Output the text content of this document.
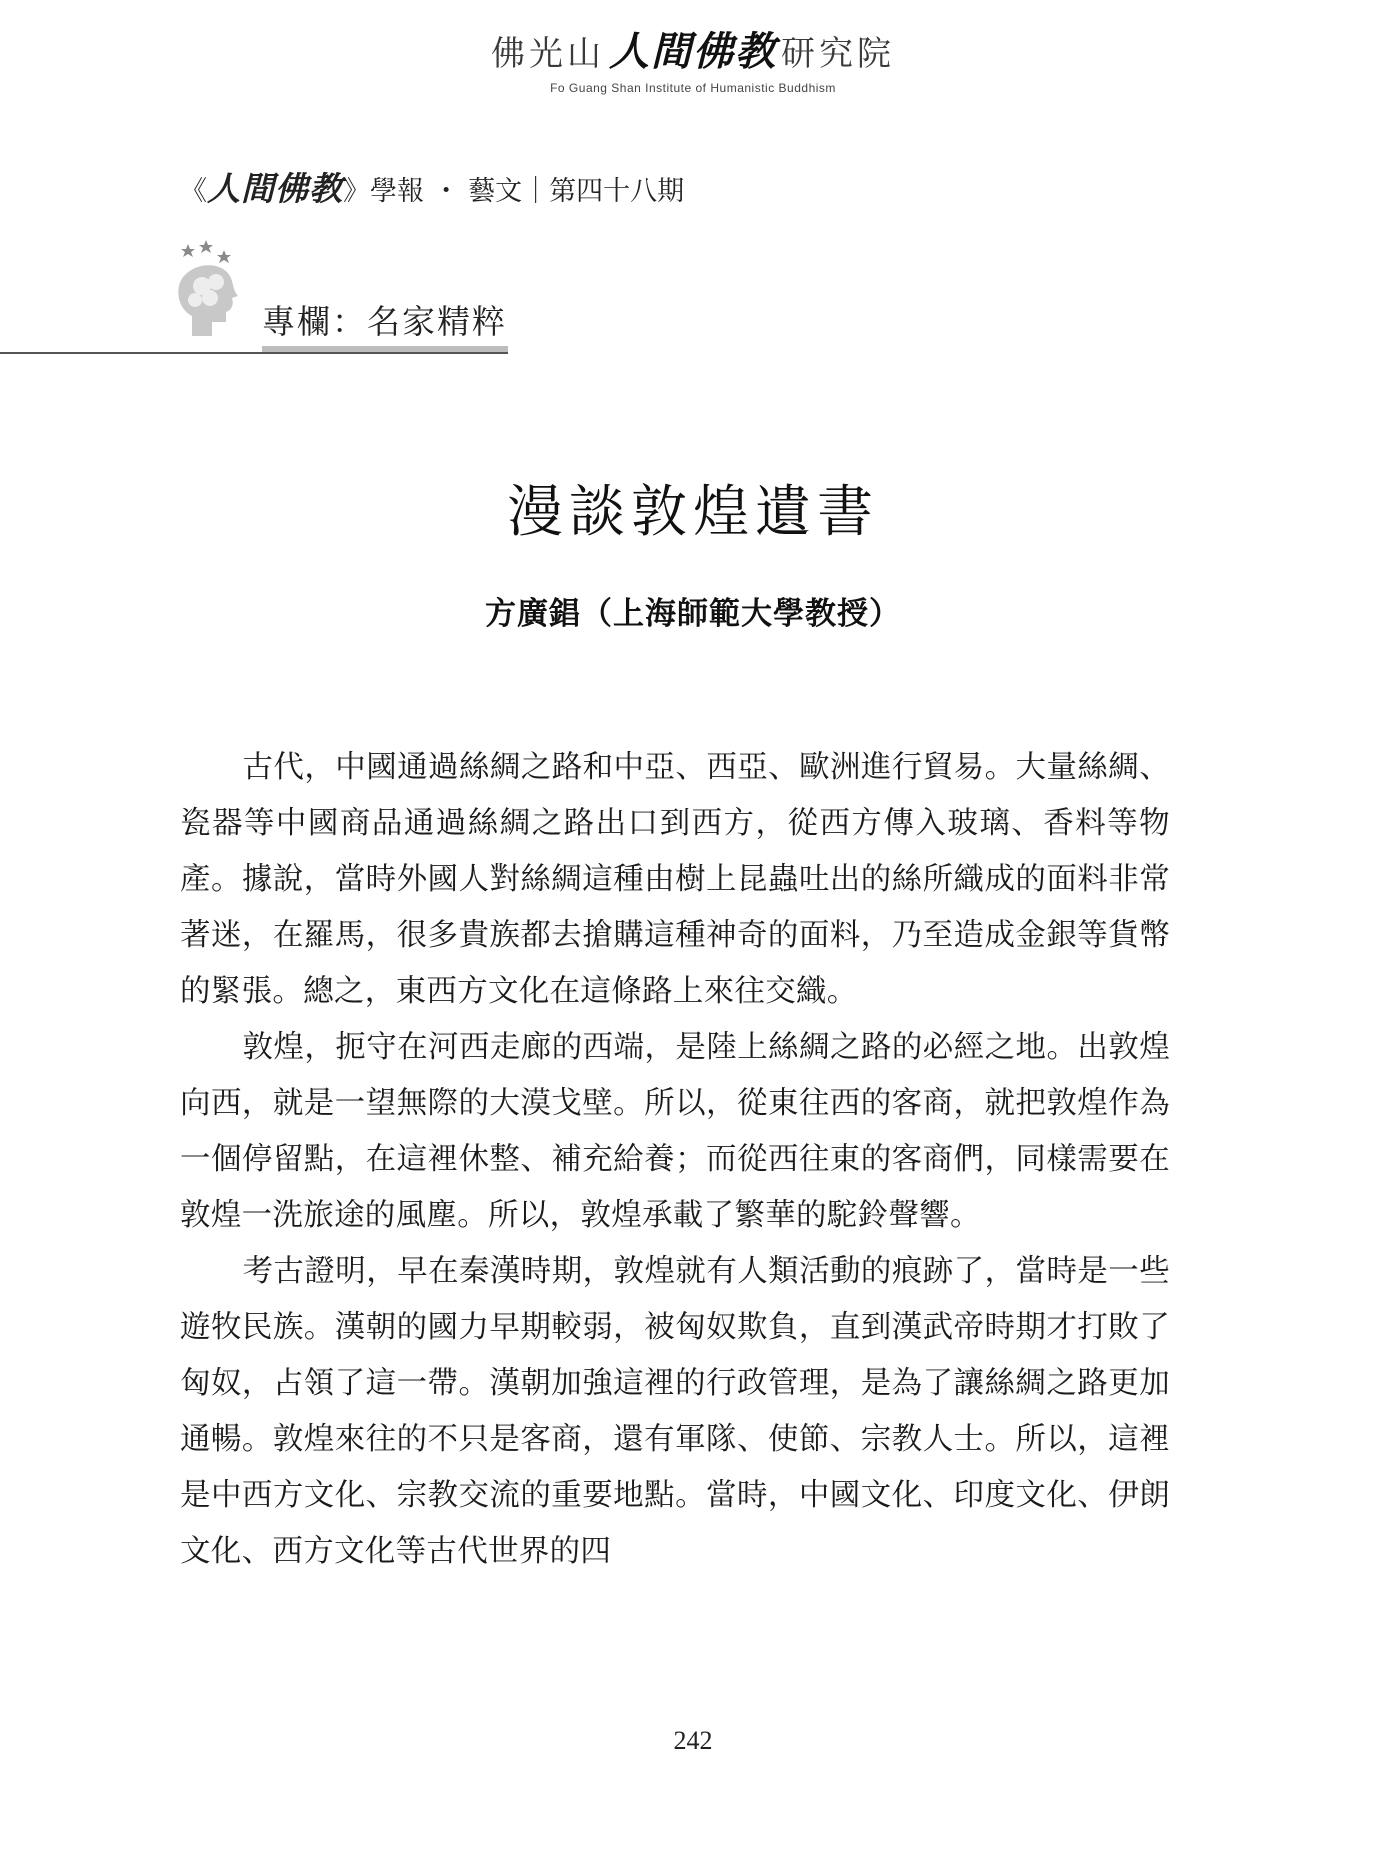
佛光山 人間佛教 研究院
Fo Guang Shan Institute of Humanistic Buddhism
《人間佛教》學報 ・ 藝文｜第四十八期
專欄：名家精粹
漫談敦煌遺書
方廣錩（上海師範大學教授）

古代，中國通過絲綢之路和中亞、西亞、歐洲進行貿易。大量絲綢、瓷器等中國商品通過絲綢之路出口到西方，從西方傳入玻璃、香料等物產。據說，當時外國人對絲綢這種由樹上昆蟲吐出的絲所織成的面料非常著迷，在羅馬，很多貴族都去搶購這種神奇的面料，乃至造成金銀等貨幣的緊張。總之，東西方文化在這條路上來往交織。

敦煌，扼守在河西走廊的西端，是陸上絲綢之路的必經之地。出敦煌向西，就是一望無際的大漠戈壁。所以，從東往西的客商，就把敦煌作為一個停留點，在這裡休整、補充給養；而從西往東的客商們，同樣需要在敦煌一洗旅途的風塵。所以，敦煌承載了繁華的駝鈴聲響。

考古證明，早在秦漢時期，敦煌就有人類活動的痕跡了，當時是一些遊牧民族。漢朝的國力早期較弱，被匈奴欺負，直到漢武帝時期才打敗了匈奴，占領了這一帶。漢朝加強這裡的行政管理，是為了讓絲綢之路更加通暢。敦煌來往的不只是客商，還有軍隊、使節、宗教人士。所以，這裡是中西方文化、宗教交流的重要地點。當時，中國文化、印度文化、伊朗文化、西方文化等古代世界的四

242
